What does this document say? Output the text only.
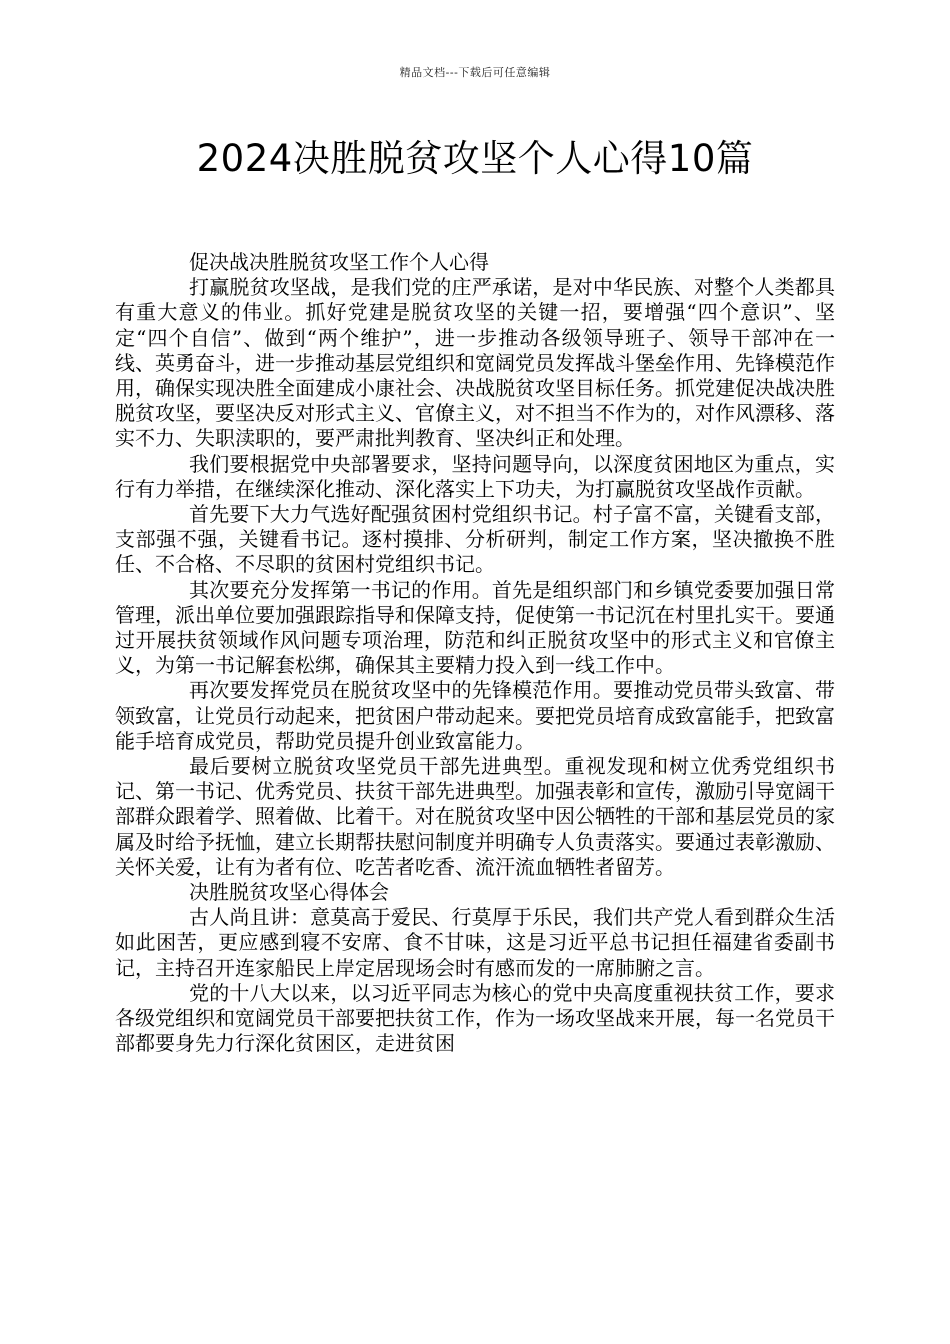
精品文档---下载后可任意编辑
2024决胜脱贫攻坚个人心得10篇

促决战决胜脱贫攻坚工作个人心得

打赢脱贫攻坚战，是我们党的庄严承诺，是对中华民族、对整个人类都具有重大意义的伟业。抓好党建是脱贫攻坚的关键一招，要增强“四个意识”、坚定“四个自信”、做到“两个维护”，进一步推动各级领导班子、领导干部冲在一线、英勇奋斗，进一步推动基层党组织和宽阔党员发挥战斗堡垒作用、先锋模范作用，确保实现决胜全面建成小康社会、决战脱贫攻坚目标任务。抓党建促决战决胜脱贫攻坚，要坚决反对形式主义、官僚主义，对不担当不作为的，对作风漂移、落实不力、失职渎职的，要严肃批判教育、坚决纠正和处理。

我们要根据党中央部署要求，坚持问题导向，以深度贫困地区为重点，实行有力举措，在继续深化推动、深化落实上下功夫，为打赢脱贫攻坚战作贡献。

首先要下大力气选好配强贫困村党组织书记。村子富不富，关键看支部，支部强不强，关键看书记。逐村摸排、分析研判，制定工作方案，坚决撤换不胜任、不合格、不尽职的贫困村党组织书记。

其次要充分发挥第一书记的作用。首先是组织部门和乡镇党委要加强日常管理，派出单位要加强跟踪指导和保障支持，促使第一书记沉在村里扎实干。要通过开展扶贫领域作风问题专项治理，防范和纠正脱贫攻坚中的形式主义和官僚主义，为第一书记解套松绑，确保其主要精力投入到一线工作中。

再次要发挥党员在脱贫攻坚中的先锋模范作用。要推动党员带头致富、带领致富，让党员行动起来，把贫困户带动起来。要把党员培育成致富能手，把致富能手培育成党员，帮助党员提升创业致富能力。

最后要树立脱贫攻坚党员干部先进典型。重视发现和树立优秀党组织书记、第一书记、优秀党员、扶贫干部先进典型。加强表彰和宣传，激励引导宽阔干部群众跟着学、照着做、比着干。对在脱贫攻坚中因公牺牲的干部和基层党员的家属及时给予抚恤，建立长期帮扶慰问制度并明确专人负责落实。要通过表彰激励、关怀关爱，让有为者有位、吃苦者吃香、流汗流血牺牲者留芳。

决胜脱贫攻坚心得体会

古人尚且讲：意莫高于爱民、行莫厚于乐民，我们共产党人看到群众生活如此困苦，更应感到寝不安席、食不甘味，这是习近平总书记担任福建省委副书记，主持召开连家船民上岸定居现场会时有感而发的一席肺腑之言。

党的十八大以来，以习近平同志为核心的党中央高度重视扶贫工作，要求各级党组织和宽阔党员干部要把扶贫工作，作为一场攻坚战来开展，每一名党员干部都要身先力行深化贫困区，走进贫困
